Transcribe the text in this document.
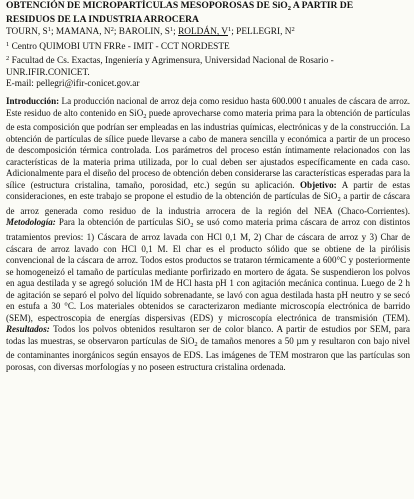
OBTENCIÓN DE MICROPARTÍCULAS MESOPOROSAS DE SiO$_2$ A PARTIR DE
RESIDUOS DE LA INDUSTRIA ARROCERA
TOURN, $S^1$; MAMANA, $N^2$; BAROLIN, $S^1$; ROLDÁN, $V^1$; PELLEGRI, $N^2$
$^1$ Centro QUIMOBI UTN FRRe - IMIT - CCT NORDESTE
$^2$ Facultad de Cs. Exactas, Ingeniería y Agrimensura, Universidad Nacional de Rosario -
UNR.IFIR.CONICET.
E-mail: pellegri@ifir-conicet.gov.ar

Introducción: La producción nacional de arroz deja como residuo hasta 600.000 t anuales de cáscara de arroz. Este residuo de alto contenido en SiO$_2$ puede aprovecharse como materia prima para la obtención de partículas de esta composición que podrían ser empleadas en las industrias químicas, electrónicas y de la construcción. La obtención de partículas de sílice puede llevarse a cabo de manera sencilla y económica a partir de un proceso de descomposición térmica controlada. Los parámetros del proceso están íntimamente relacionados con las características de la materia prima utilizada, por lo cual deben ser ajustados específicamente en cada caso. Adicionalmente para el diseño del proceso de obtención deben considerarse las características esperadas para la sílice (estructura cristalina, tamaño, porosidad, etc.) según su aplicación. Objetivo: A partir de estas consideraciones, en este trabajo se propone el estudio de la obtención de partículas de SiO$_2$ a partir de cáscara de arroz generada como residuo de la industria arrocera de la región del NEA (Chaco-Corrientes). Metodología: Para la obtención de partículas SiO$_2$ se usó como materia prima cáscara de arroz con distintos tratamientos previos: 1) Cáscara de arroz lavada con HCl 0,1 M, 2) Char de cáscara de arroz y 3) Char de cáscara de arroz lavado con HCl 0,1 M. El char es el producto sólido que se obtiene de la pirólisis convencional de la cáscara de arroz. Todos estos productos se trataron térmicamente a 600°C y posteriormente se homogeneizó el tamaño de partículas mediante porfirizado en mortero de ágata. Se suspendieron los polvos en agua destilada y se agregó solución 1M de HCl hasta pH 1 con agitación mecánica continua. Luego de 2 h de agitación se separó el polvo del líquido sobrenadante, se lavó con agua destilada hasta pH neutro y se secó en estufa a 30 °C. Los materiales obtenidos se caracterizaron mediante microscopía electrónica de barrido (SEM), espectroscopia de energías dispersivas (EDS) y microscopía electrónica de transmisión (TEM). Resultados: Todos los polvos obtenidos resultaron ser de color blanco. A partir de estudios por SEM, para todas las muestras, se observaron partículas de SiO$_2$ de tamaños menores a 50 µm y resultaron con bajo nivel de contaminantes inorgánicos según ensayos de EDS. Las imágenes de TEM mostraron que las partículas son porosas, con diversas morfologías y no poseen estructura cristalina ordenada.
